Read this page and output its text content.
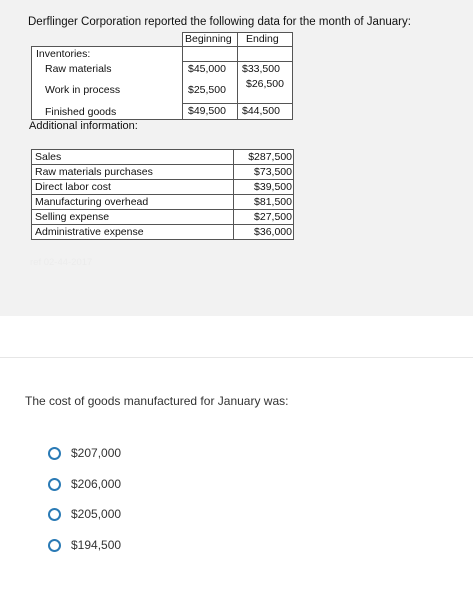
Derflinger Corporation reported the following data for the month of January:
Beginning Ending
Inventories:
Raw materials	$45,000 $33,500
Work in process	$25,500 $26,500
Finished goods	$49,500 $44,500
Additional information:
Sales	$287,500
Raw materials purchases	$73,500
Direct labor cost	$39,500
Manufacturing overhead	$81,500
Selling expense	$27,500
Administrative expense	$36,000
ref 02-44-2017
The cost of goods manufactured for January was:
$207,000
$206,000
$205,000
$194,500
